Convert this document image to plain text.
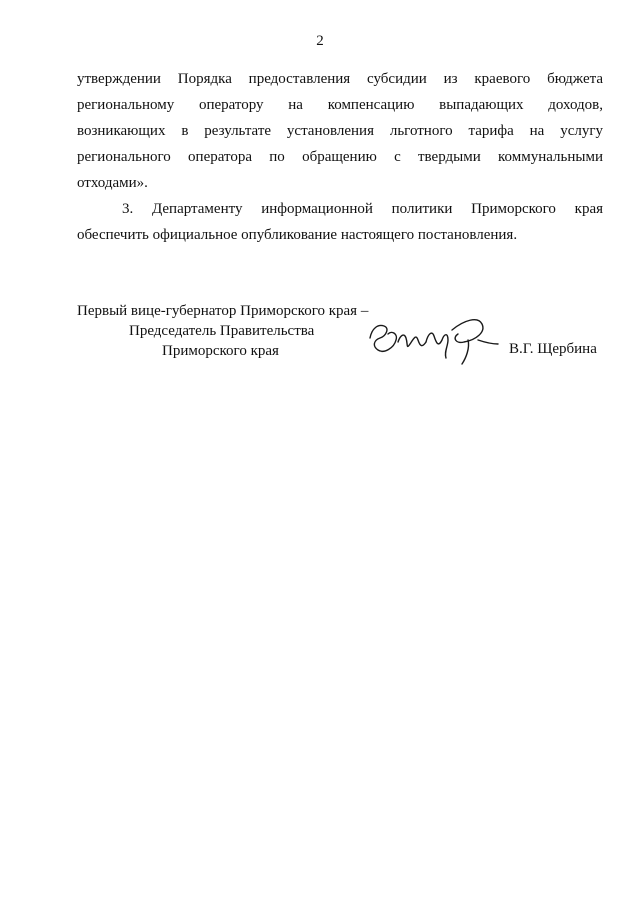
2

утверждении Порядка предоставления субсидии из краевого бюджета

региональному оператору на компенсацию выпадающих доходов,

возникающих в результате установления льготного тарифа на услугу

регионального оператора по обращению с твердыми коммунальными

отходами».

3. Департаменту информационной политики Приморского края

обеспечить официальное опубликование настоящего постановления.

Первый вице-губернатор Приморского края –
Председатель Правительства
Приморского края	В.Г. Щербина
